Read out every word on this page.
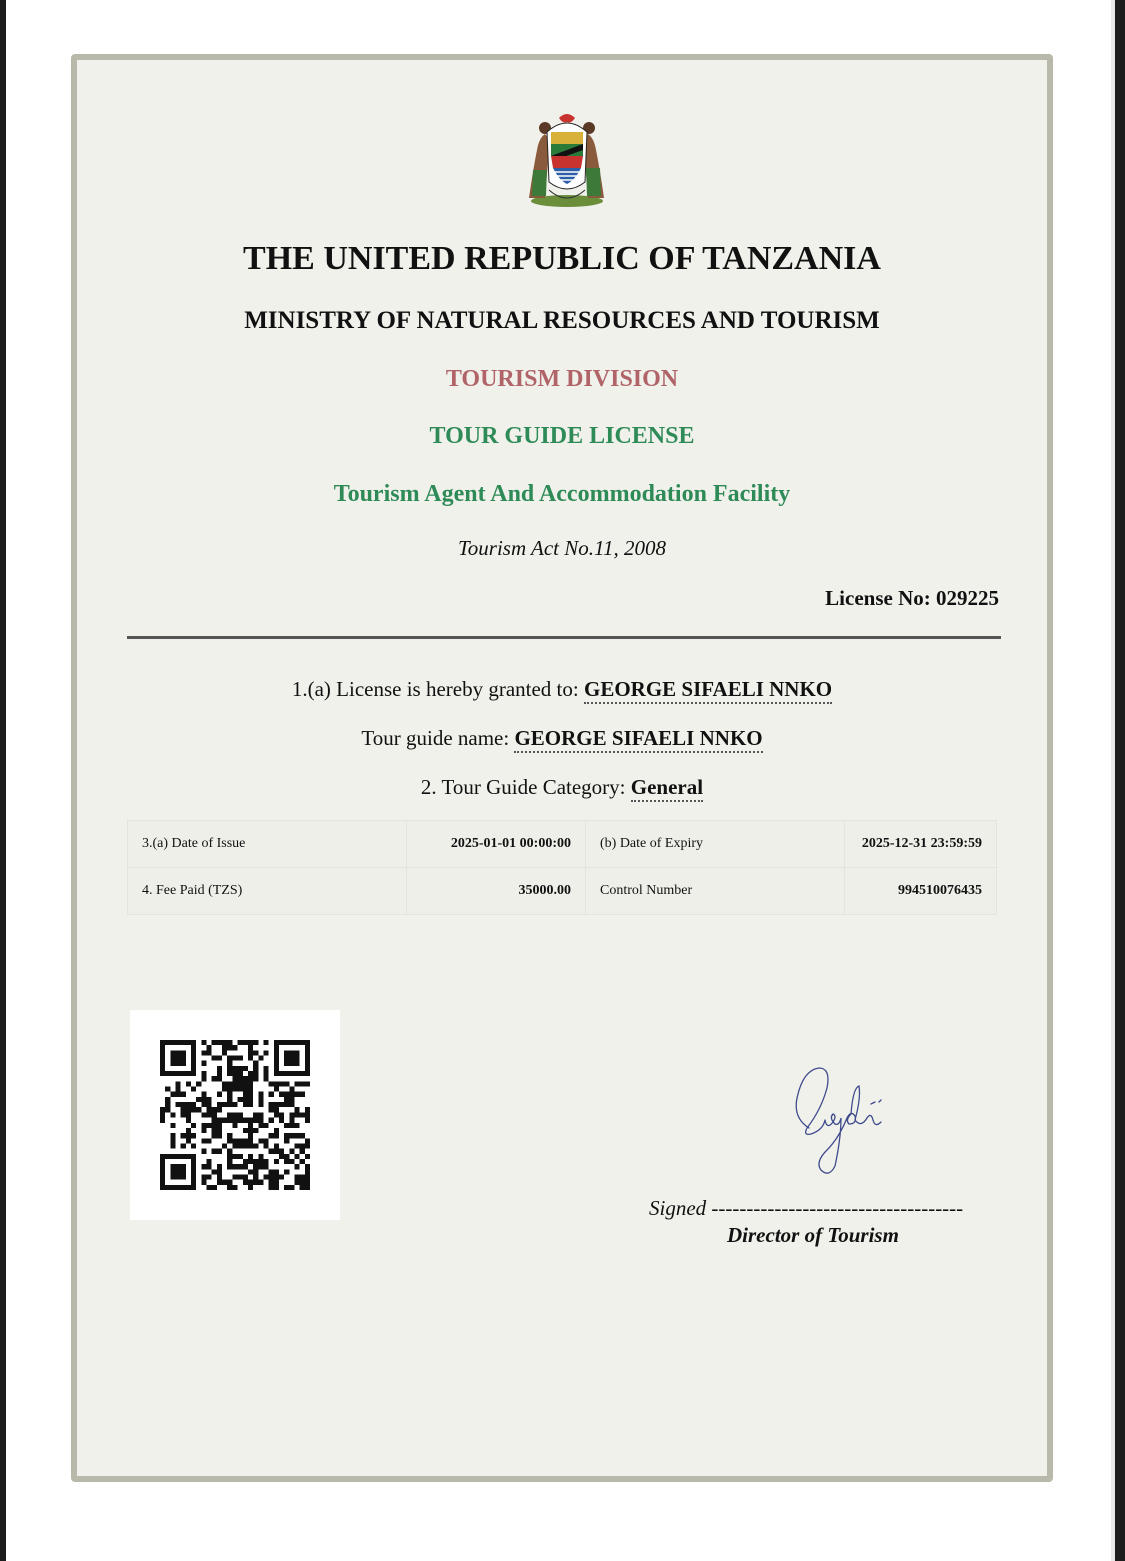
THE UNITED REPUBLIC OF TANZANIA
MINISTRY OF NATURAL RESOURCES AND TOURISM
TOURISM DIVISION
TOUR GUIDE LICENSE
Tourism Agent And Accommodation Facility
Tourism Act No.11, 2008
License No: 029225
1.(a) License is hereby granted to: GEORGE SIFAELI NNKO
Tour guide name: GEORGE SIFAELI NNKO
2. Tour Guide Category: General
3.(a) Date of Issue	2025-01-01 00:00:00	(b) Date of Expiry	2025-12-31 23:59:59
4. Fee Paid (TZS)	35000.00	Control Number	994510076435
Signed ------------------------------------
Director of Tourism
